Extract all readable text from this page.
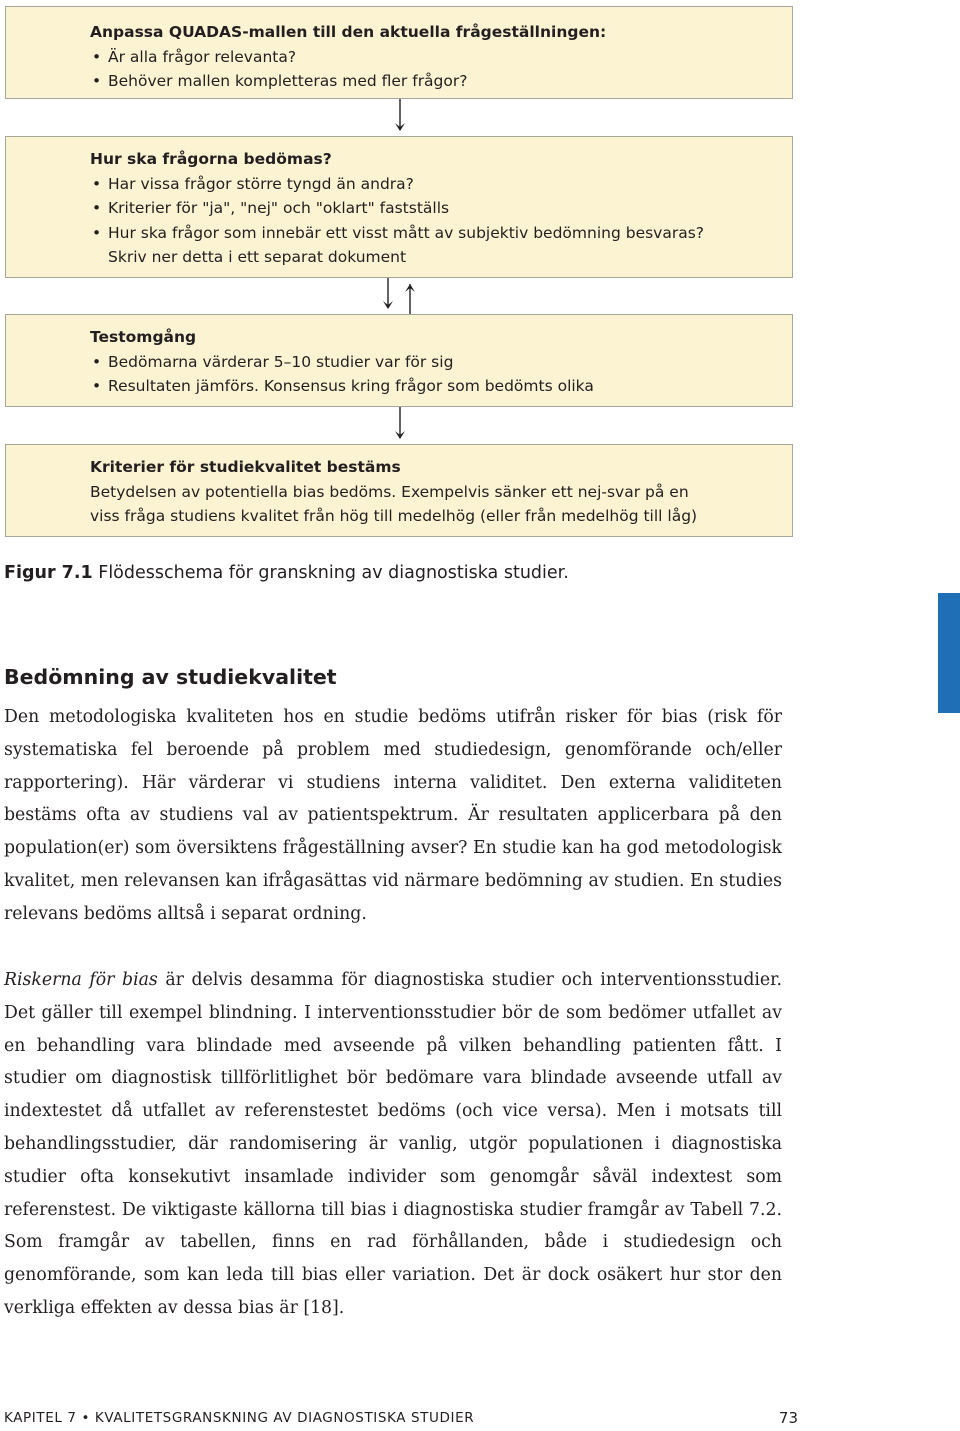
Anpassa QUADAS-mallen till den aktuella frågeställningen:
• Är alla frågor relevanta?
• Behöver mallen kompletteras med fler frågor?
Hur ska frågorna bedömas?
• Har vissa frågor större tyngd än andra?
• Kriterier för "ja", "nej" och "oklart" fastställs
• Hur ska frågor som innebär ett visst mått av subjektiv bedömning besvaras?
Skriv ner detta i ett separat dokument
Testomgång
• Bedömarna värderar 5–10 studier var för sig
• Resultaten jämförs. Konsensus kring frågor som bedömts olika
Kriterier för studiekvalitet bestäms
Betydelsen av potentiella bias bedöms. Exempelvis sänker ett nej-svar på en
viss fråga studiens kvalitet från hög till medelhög (eller från medelhög till låg)
Figur 7.1 Flödesschema för granskning av diagnostiska studier.
Bedömning av studiekvalitet
Den metodologiska kvaliteten hos en studie bedöms utifrån risker för bias (risk för systematiska fel beroende på problem med studiedesign, genomförande och/eller rapportering). Här värderar vi studiens interna validitet. Den externa validiteten bestäms ofta av studiens val av patientspektrum. Är resultaten applicerbara på den population(er) som översiktens frågeställning avser? En studie kan ha god metodologisk kvalitet, men relevansen kan ifrågasättas vid närmare bedömning av studien. En studies relevans bedöms alltså i separat ordning.
Riskerna för bias är delvis desamma för diagnostiska studier och interventionsstudier. Det gäller till exempel blindning. I interventionsstudier bör de som bedömer utfallet av en behandling vara blindade med avseende på vilken behandling patienten fått. I studier om diagnostisk tillförlitlighet bör bedömare vara blindade avseende utfall av indextestet då utfallet av referenstestet bedöms (och vice versa). Men i motsats till behandlingsstudier, där randomisering är vanlig, utgör populationen i diagnostiska studier ofta konsekutivt insamlade individer som genomgår såväl indextest som referenstest. De viktigaste källorna till bias i diagnostiska studier framgår av Tabell 7.2. Som framgår av tabellen, finns en rad förhållanden, både i studiedesign och genomförande, som kan leda till bias eller variation. Det är dock osäkert hur stor den verkliga effekten av dessa bias är [18].
KAPITEL 7 • KVALITETSGRANSKNING AV DIAGNOSTISKA STUDIER	73
